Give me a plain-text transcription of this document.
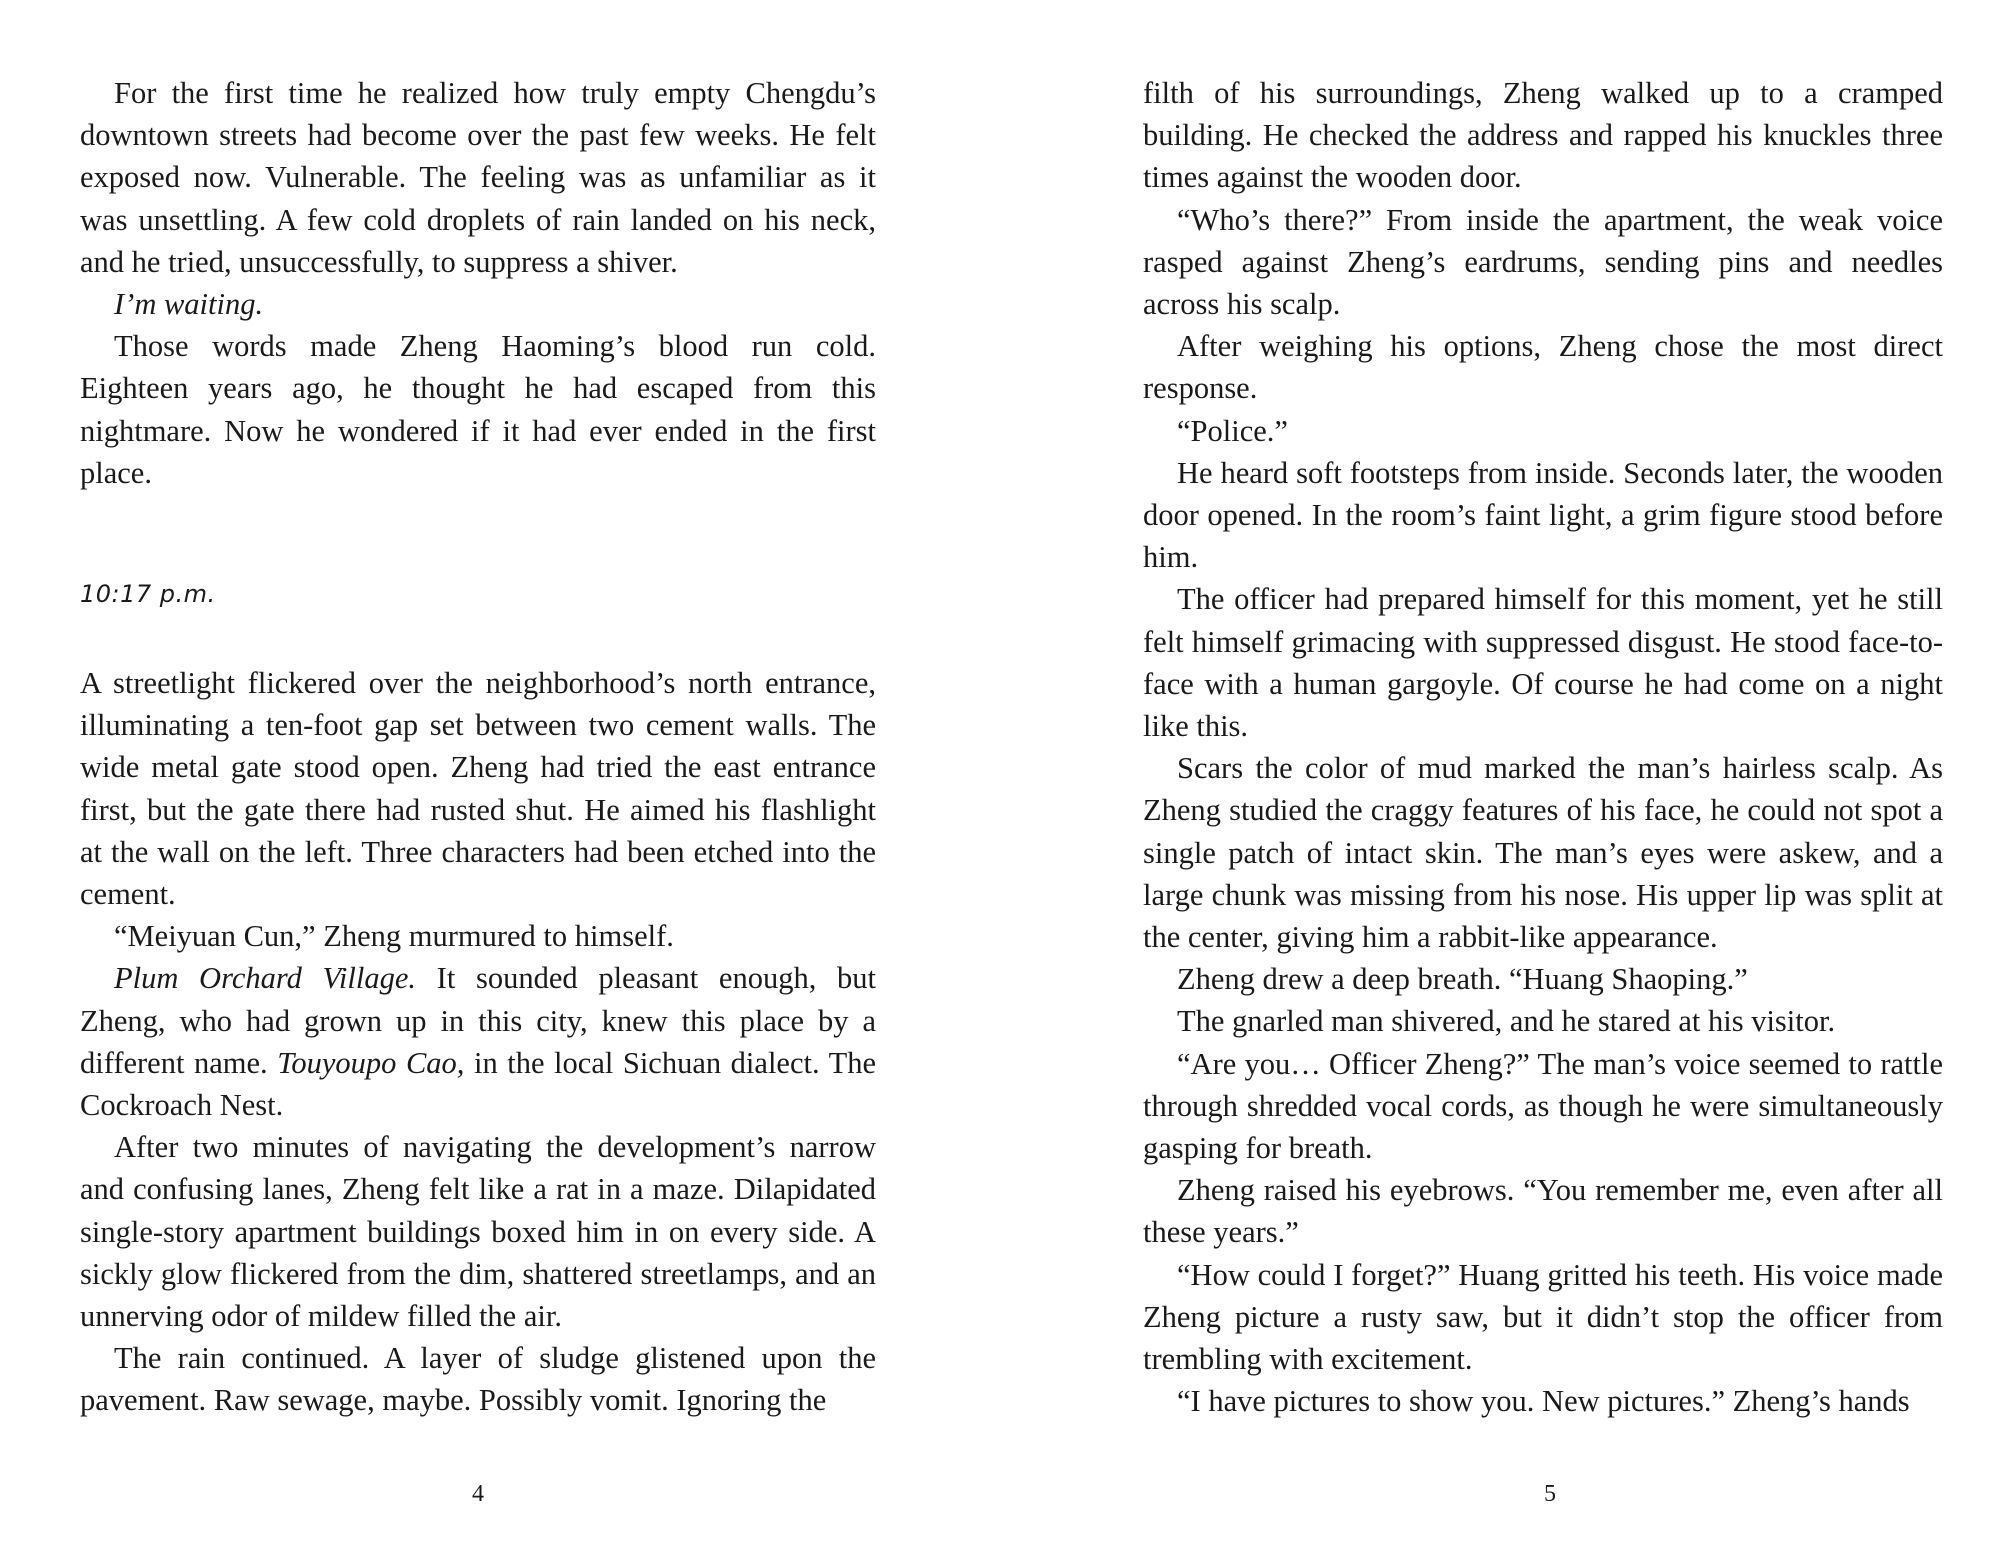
For the first time he realized how truly empty Chengdu’s downtown streets had become over the past few weeks. He felt exposed now. Vulnerable. The feeling was as unfamiliar as it was unsettling. A few cold droplets of rain landed on his neck, and he tried, unsuccessfully, to suppress a shiver.

I’m waiting.

Those words made Zheng Haoming’s blood run cold. Eighteen years ago, he thought he had escaped from this nightmare. Now he wondered if it had ever ended in the first place.

10:17 p.m.

A streetlight flickered over the neighborhood’s north entrance, illuminating a ten-foot gap set between two cement walls. The wide metal gate stood open. Zheng had tried the east entrance first, but the gate there had rusted shut. He aimed his flashlight at the wall on the left. Three characters had been etched into the cement.

“Meiyuan Cun,” Zheng murmured to himself.

Plum Orchard Village. It sounded pleasant enough, but Zheng, who had grown up in this city, knew this place by a different name. Touyoupo Cao, in the local Sichuan dialect. The Cockroach Nest.

After two minutes of navigating the development’s narrow and confusing lanes, Zheng felt like a rat in a maze. Dilapidated single-story apartment buildings boxed him in on every side. A sickly glow flickered from the dim, shattered streetlamps, and an unnerving odor of mildew filled the air.

The rain continued. A layer of sludge glistened upon the pavement. Raw sewage, maybe. Possibly vomit. Ignoring the

4

filth of his surroundings, Zheng walked up to a cramped building. He checked the address and rapped his knuckles three times against the wooden door.

“Who’s there?” From inside the apartment, the weak voice rasped against Zheng’s eardrums, sending pins and needles across his scalp.

After weighing his options, Zheng chose the most direct response.

“Police.”

He heard soft footsteps from inside. Seconds later, the wooden door opened. In the room’s faint light, a grim figure stood before him.

The officer had prepared himself for this moment, yet he still felt himself grimacing with suppressed disgust. He stood face-to-face with a human gargoyle. Of course he had come on a night like this.

Scars the color of mud marked the man’s hairless scalp. As Zheng studied the craggy features of his face, he could not spot a single patch of intact skin. The man’s eyes were askew, and a large chunk was missing from his nose. His upper lip was split at the center, giving him a rabbit-like appearance.

Zheng drew a deep breath. “Huang Shaoping.”

The gnarled man shivered, and he stared at his visitor.

“Are you… Officer Zheng?” The man’s voice seemed to rattle through shredded vocal cords, as though he were simultaneously gasping for breath.

Zheng raised his eyebrows. “You remember me, even after all these years.”

“How could I forget?” Huang gritted his teeth. His voice made Zheng picture a rusty saw, but it didn’t stop the officer from trembling with excitement.

“I have pictures to show you. New pictures.” Zheng’s hands

5
